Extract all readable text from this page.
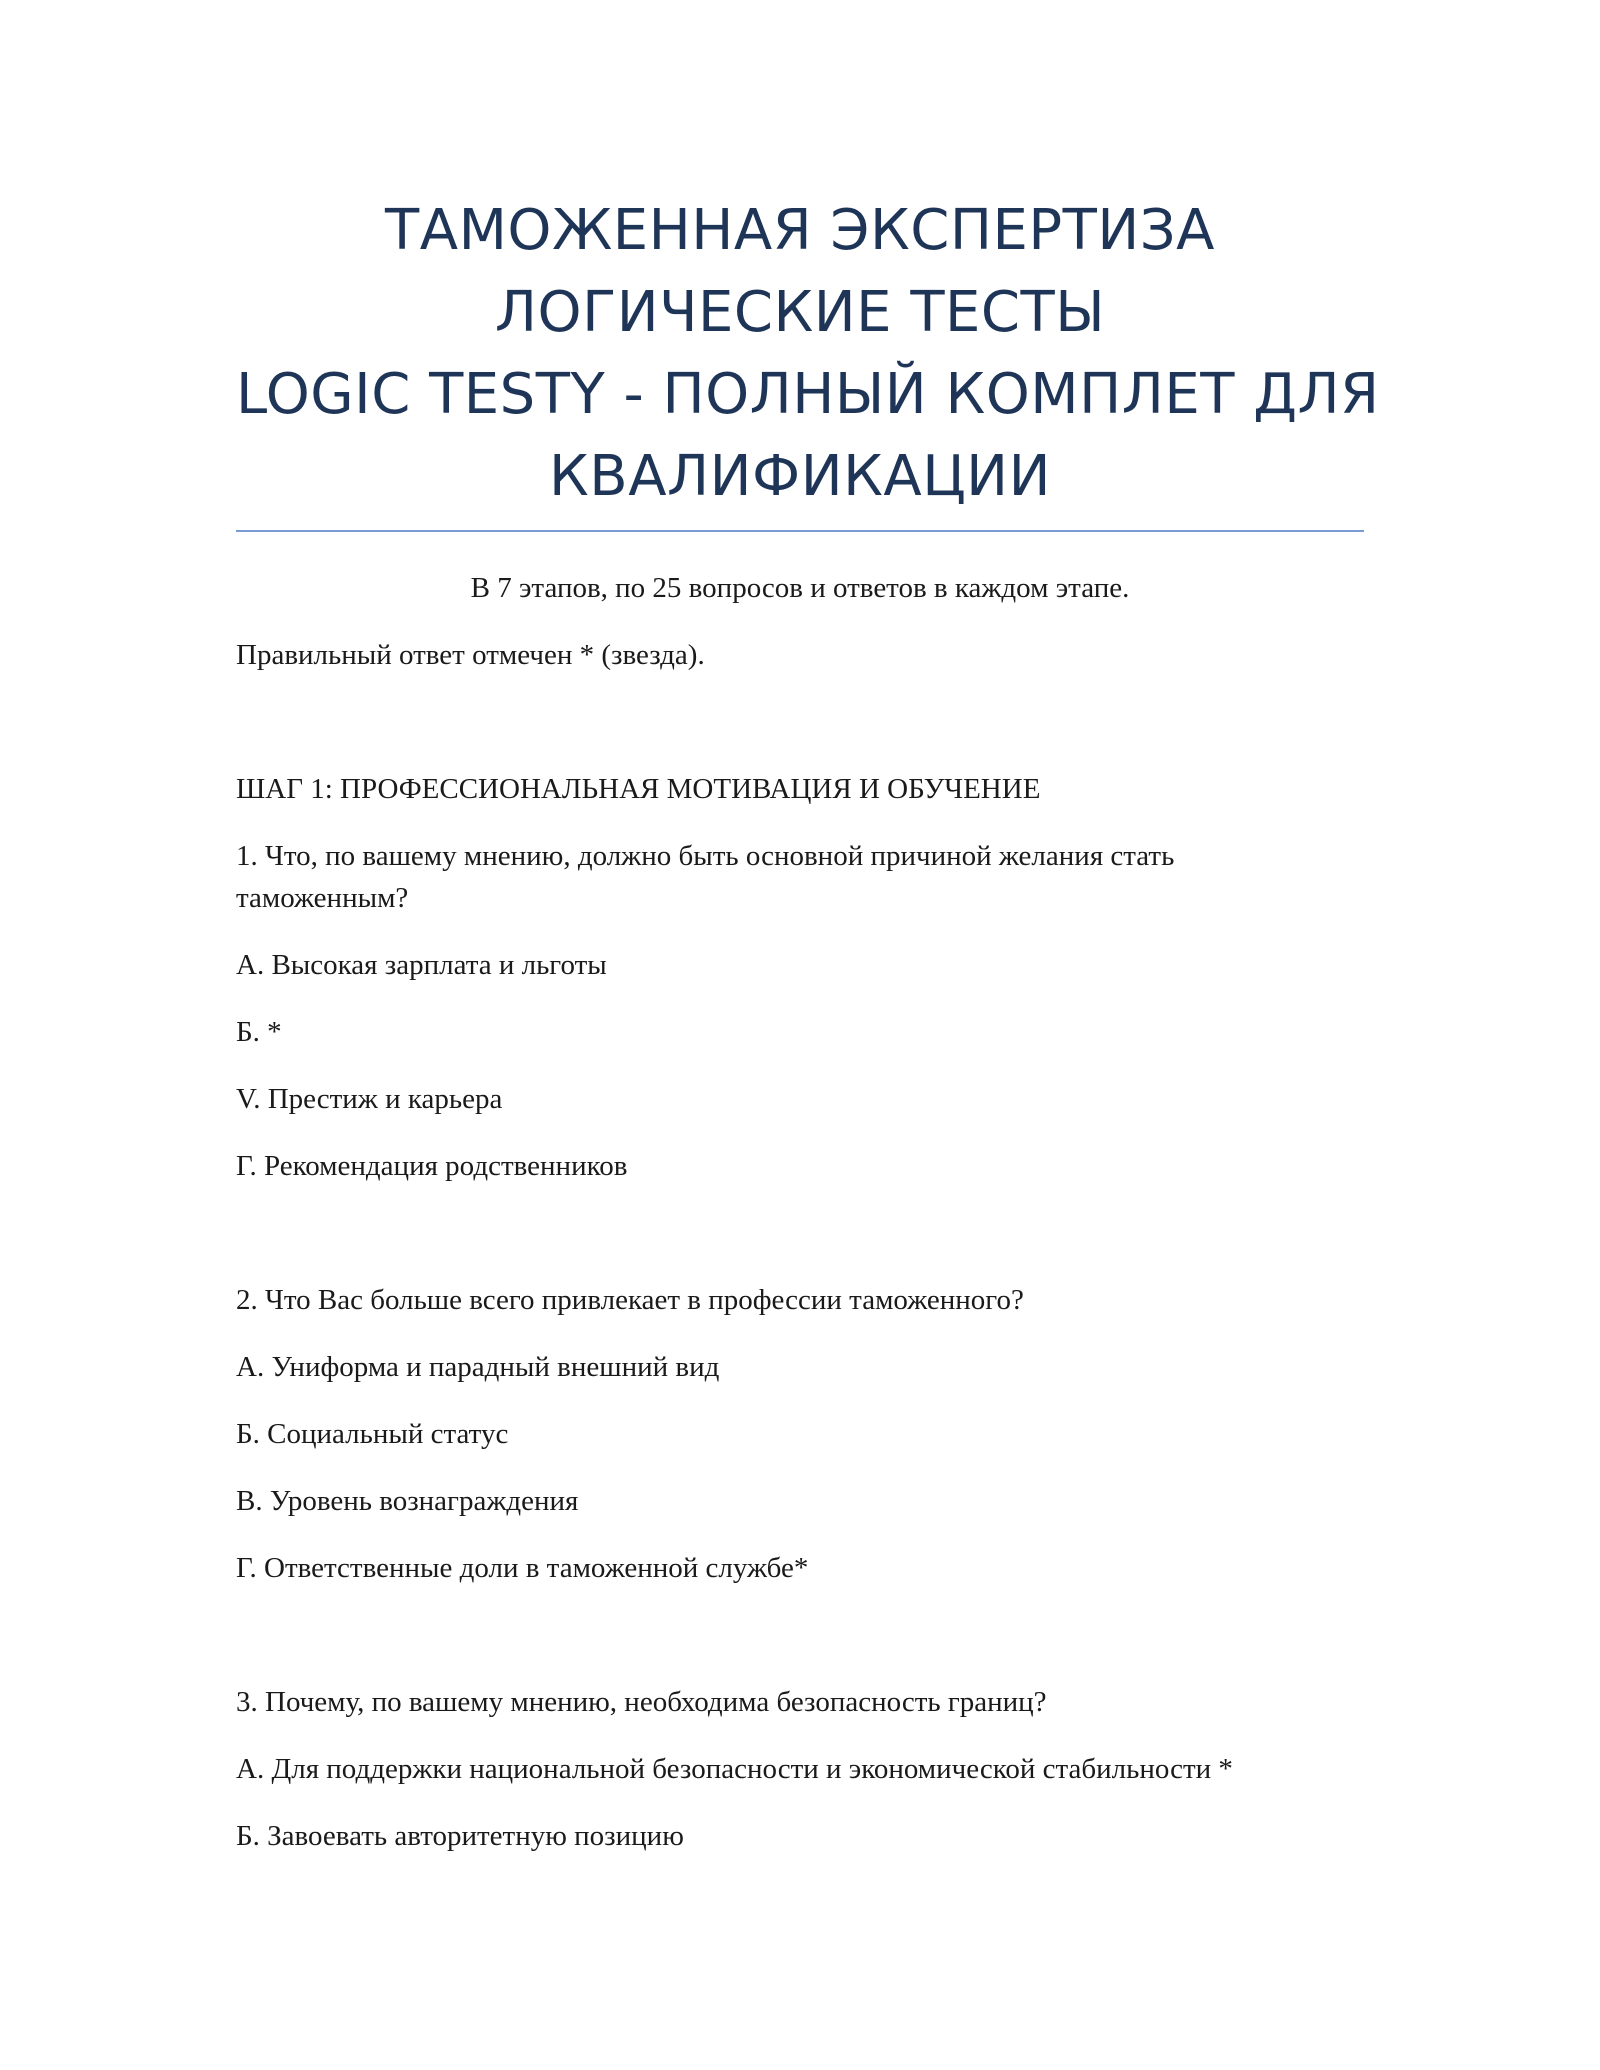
ТАМОЖЕННАЯ ЭКСПЕРТИЗА
ЛОГИЧЕСКИЕ ТЕСТЫ
LOGIC TESTY - ПОЛНЫЙ КОМПЛЕТ ДЛЯ
КВАЛИФИКАЦИИ
В 7 этапов, по 25 вопросов и ответов в каждом этапе.
Правильный ответ отмечен * (звезда).
ШАГ 1: ПРОФЕССИОНАЛЬНАЯ МОТИВАЦИЯ И ОБУЧЕНИЕ
1. Что, по вашему мнению, должно быть основной причиной желания стать
таможенным?
А. Высокая зарплата и льготы
Б. *
V. Престиж и карьера
Г. Рекомендация родственников
2. Что Вас больше всего привлекает в профессии таможенного?
А. Униформа и парадный внешний вид
Б. Социальный статус
В. Уровень вознаграждения
Г. Ответственные доли в таможенной службе*
3. Почему, по вашему мнению, необходима безопасность границ?
А. Для поддержки национальной безопасности и экономической стабильности *
Б. Завоевать авторитетную позицию
